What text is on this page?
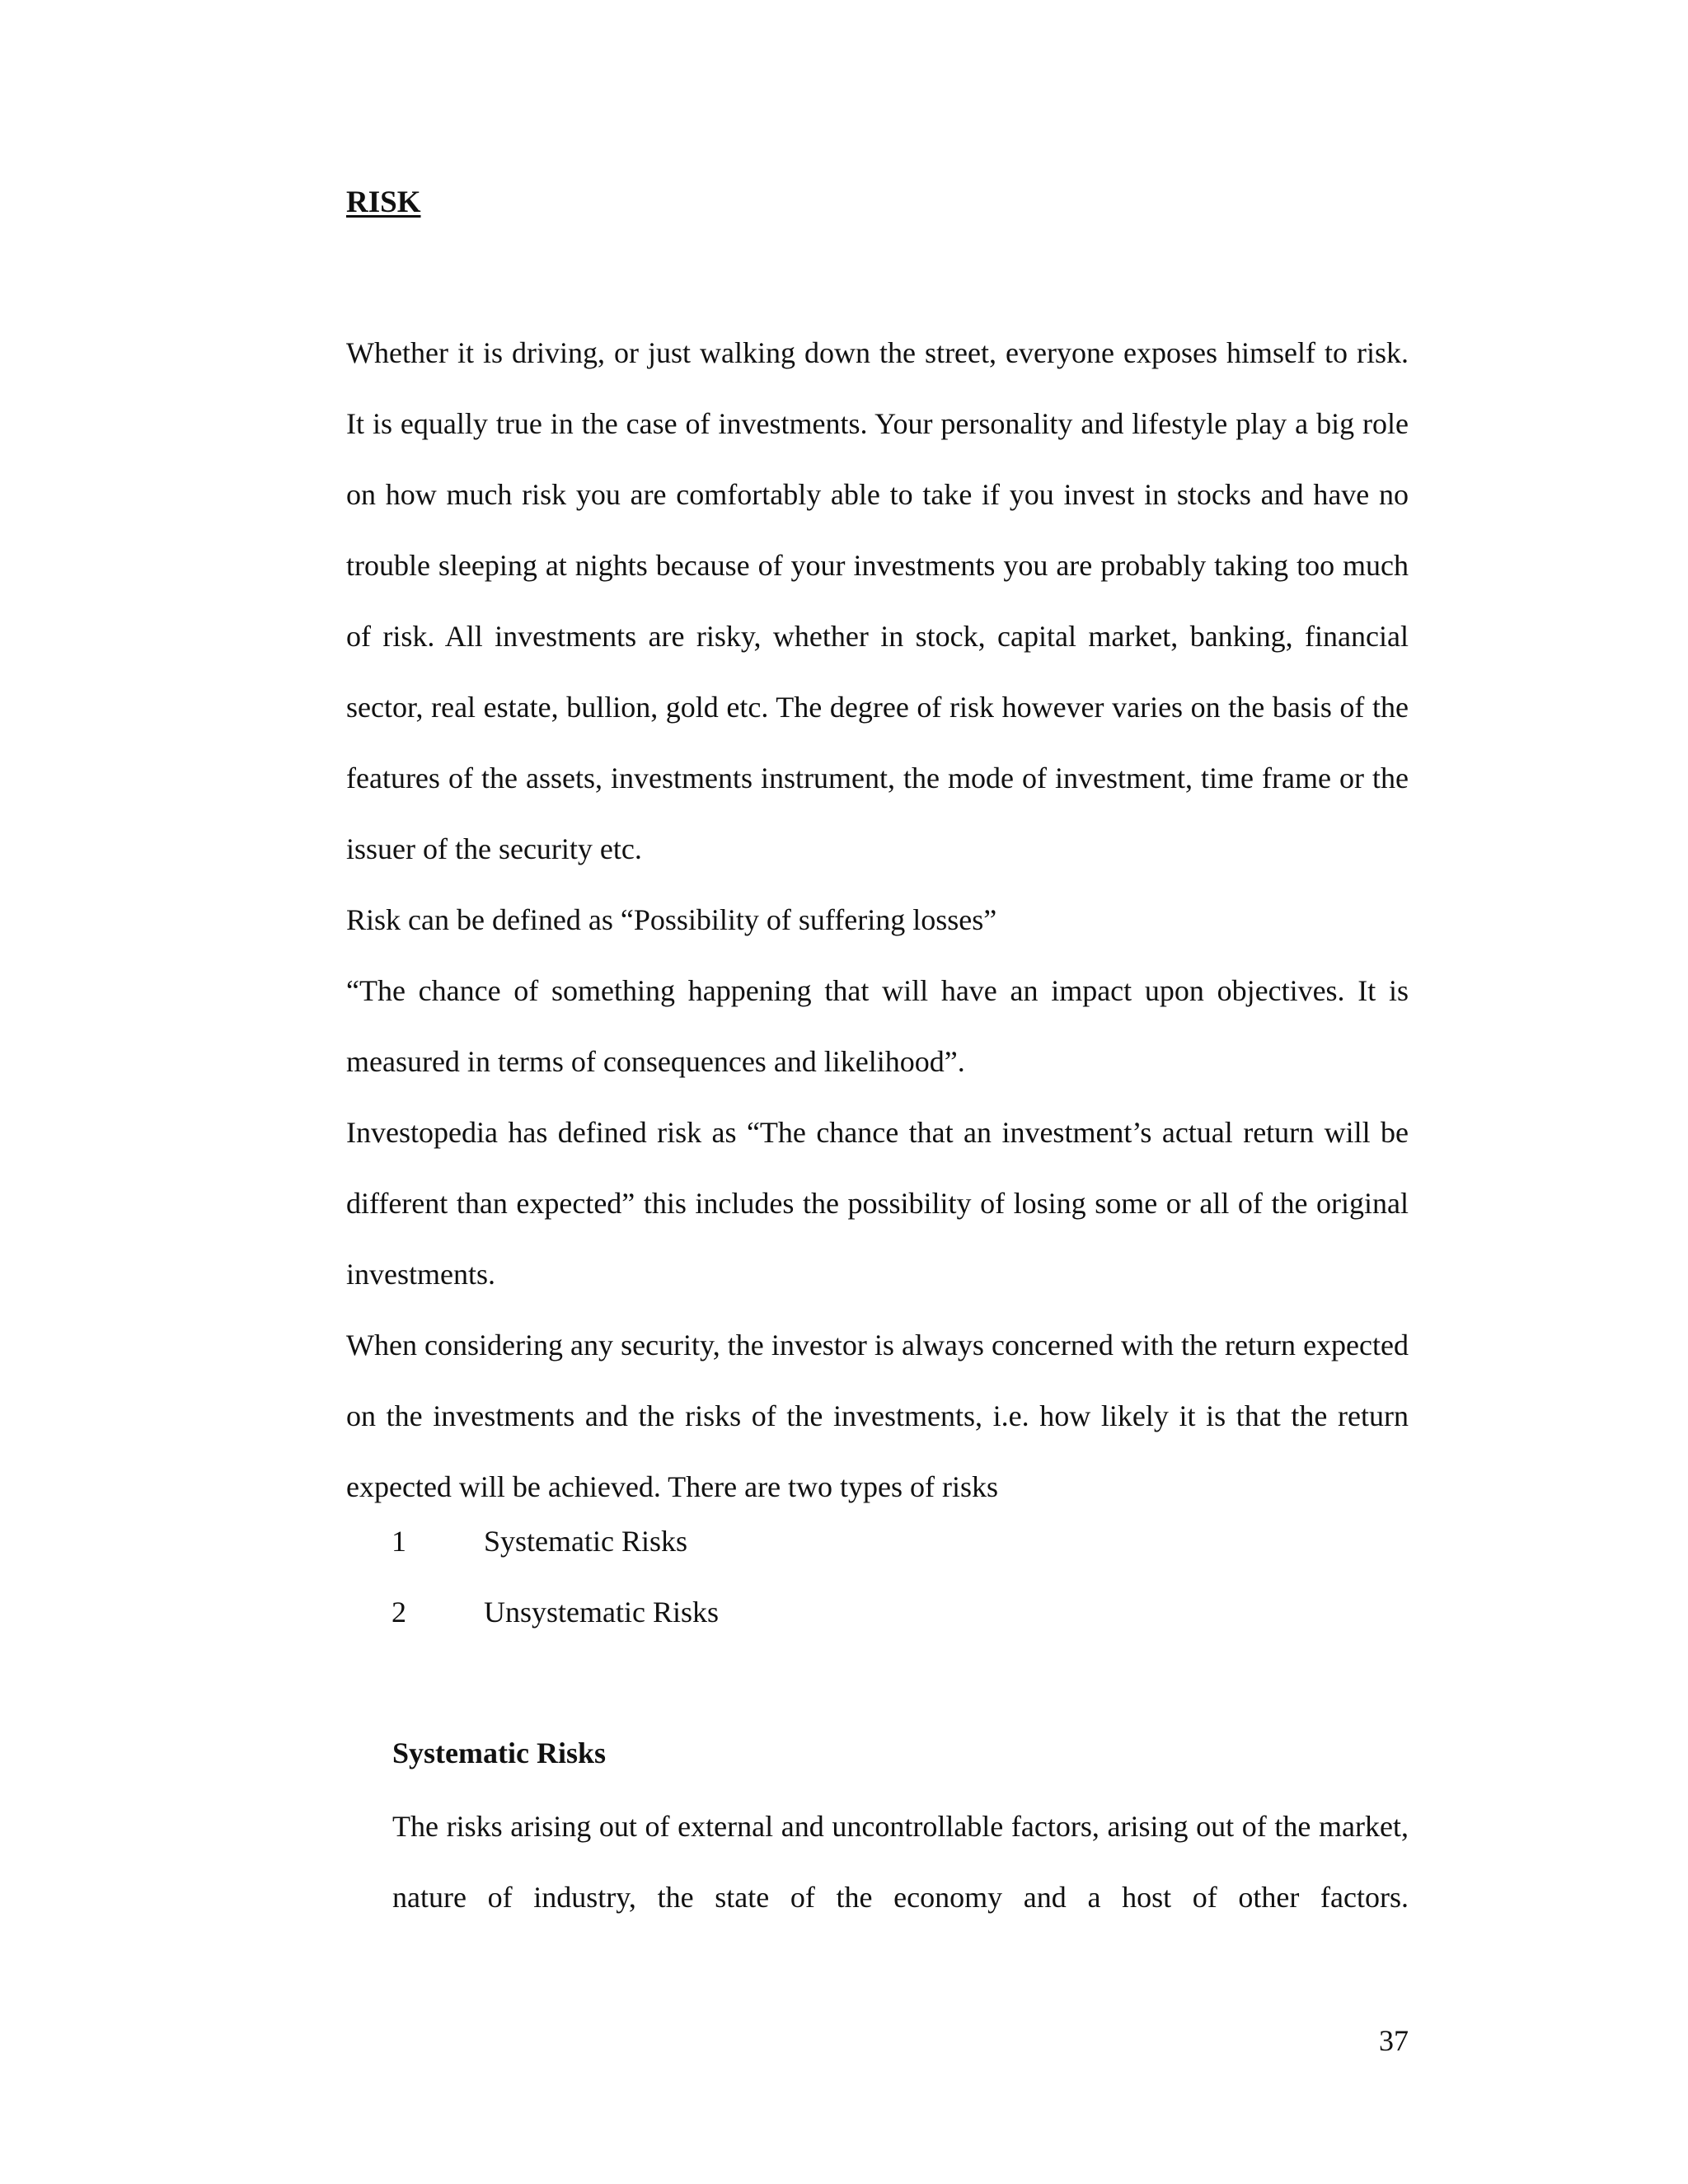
RISK

Whether it is driving, or just walking down the street, everyone exposes himself to risk. It is equally true in the case of investments. Your personality and lifestyle play a big role on how much risk you are comfortably able to take if you invest in stocks and have no trouble sleeping at nights because of your investments you are probably taking too much of risk. All investments are risky, whether in stock, capital market, banking, financial sector, real estate, bullion, gold etc. The degree of risk however varies on the basis of the features of the assets, investments instrument, the mode of investment, time frame or the issuer of the security etc.

Risk can be defined as “Possibility of suffering losses”

“The chance of something happening that will have an impact upon objectives. It is measured in terms of consequences and likelihood”.

Investopedia has defined risk as “The chance that an investment’s actual return will be different than expected” this includes the possibility of losing some or all of the original investments.

When considering any security, the investor is always concerned with the return expected on the investments and the risks of the investments, i.e. how likely it is that the return expected will be achieved. There are two types of risks

1	Systematic Risks
2	Unsystematic Risks
Systematic Risks

The risks arising out of external and uncontrollable factors, arising out of the market, nature of industry, the state of the economy and a host of other factors.

37
